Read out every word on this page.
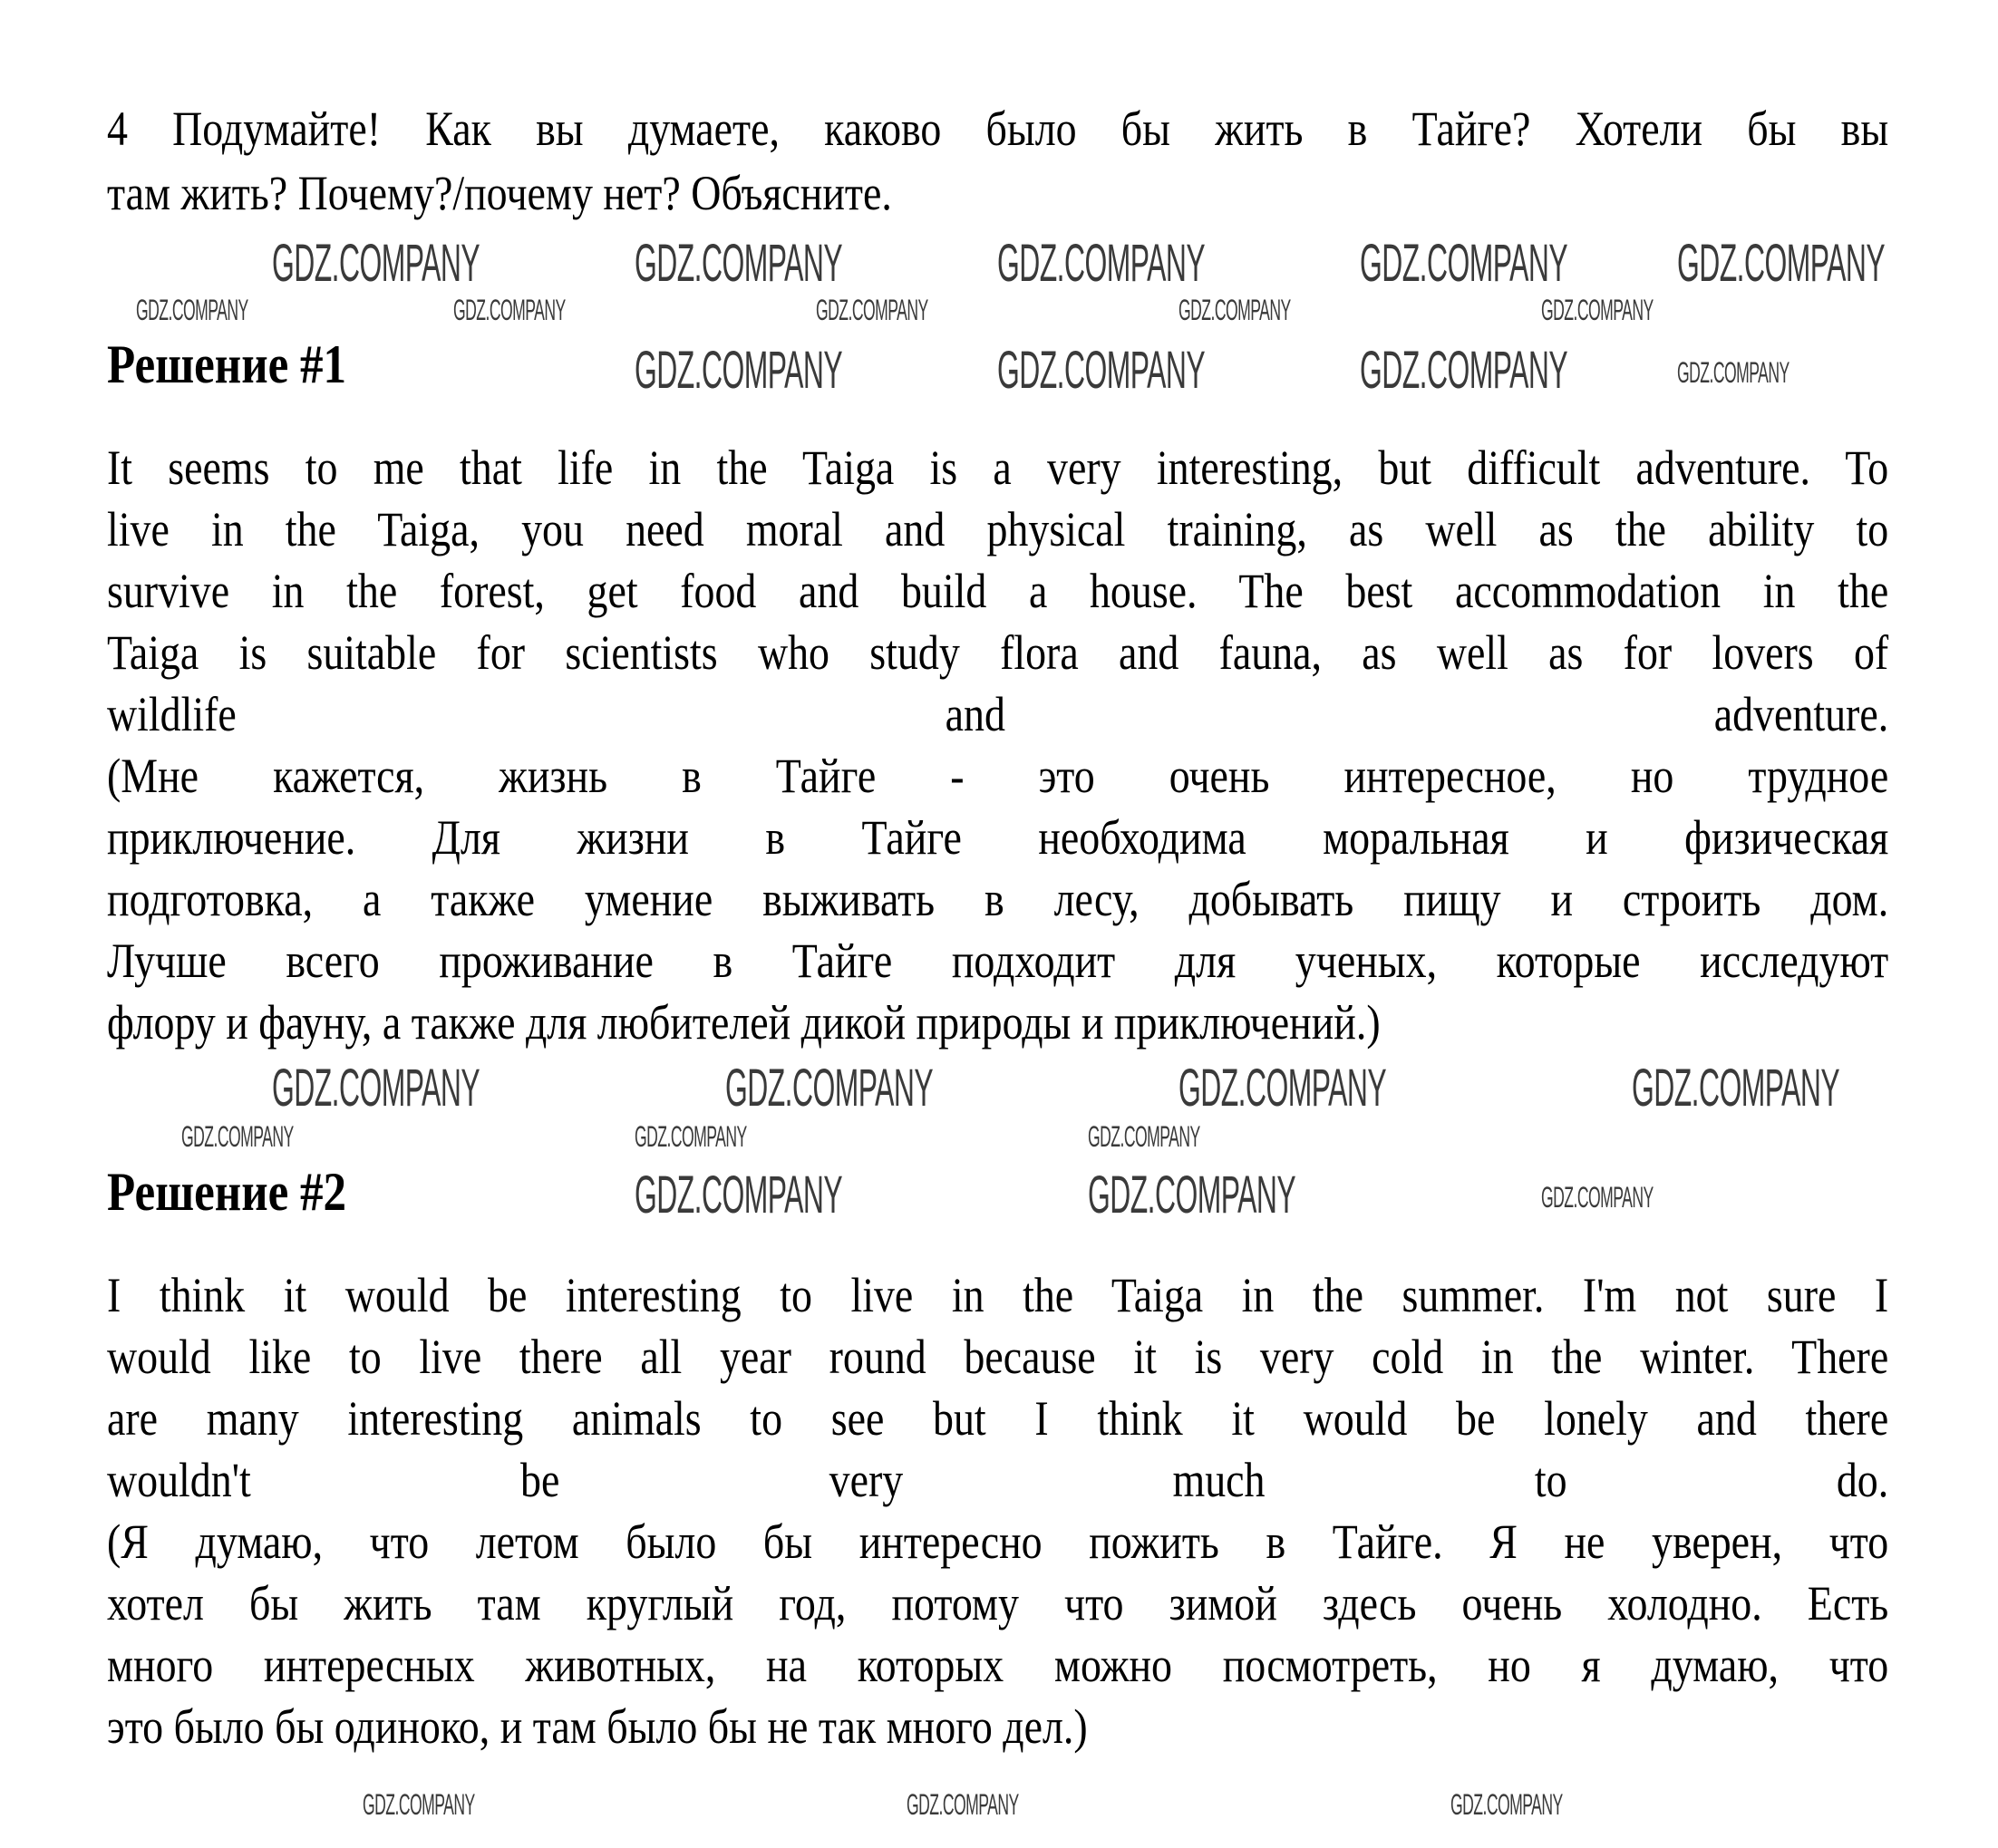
4 Подумайте! Как вы думаете, каково было бы жить в Тайге? Хотели бы вы
там жить? Почему?/почему нет? Объясните.
Решение #1
It seems to me that life in the Taiga is a very interesting, but difficult adventure. To
live in the Taiga, you need moral and physical training, as well as the ability to
survive in the forest, get food and build a house. The best accommodation in the
Taiga is suitable for scientists who study flora and fauna, as well as for lovers of
wildlife and adventure.
(Мне кажется, жизнь в Тайге - это очень интересное, но трудное
приключение. Для жизни в Тайге необходима моральная и физическая
подготовка, а также умение выживать в лесу, добывать пищу и строить дом.
Лучше всего проживание в Тайге подходит для ученых, которые исследуют
флору и фауну, а также для любителей дикой природы и приключений.)
Решение #2
I think it would be interesting to live in the Taiga in the summer. I'm not sure I
would like to live there all year round because it is very cold in the winter. There
are many interesting animals to see but I think it would be lonely and there
wouldn't be very much to do.
(Я думаю, что летом было бы интересно пожить в Тайге. Я не уверен, что
хотел бы жить там круглый год, потому что зимой здесь очень холодно. Есть
много интересных животных, на которых можно посмотреть, но я думаю, что
это было бы одиноко, и там было бы не так много дел.)
GDZ.COMPANY	GDZ.COMPANY	GDZ.COMPANY	GDZ.COMPANY GDZ.COMPANY
GDZ.COMPANY	GDZ.COMPANY	GDZ.COMPANY	GDZ.COMPANY	GDZ.COMPANY
GDZ.COMPANY	GDZ.COMPANY	GDZ.COMPANY	GDZ.COMPANY
GDZ.COMPANY	GDZ.COMPANY	GDZ.COMPANY	GDZ.COMPANY
GDZ.COMPANY	GDZ.COMPANY	GDZ.COMPANY
GDZ.COMPANY	GDZ.COMPANY	GDZ.COMPANY
GDZ.COMPANY	GDZ.COMPANY	GDZ.COMPANY
